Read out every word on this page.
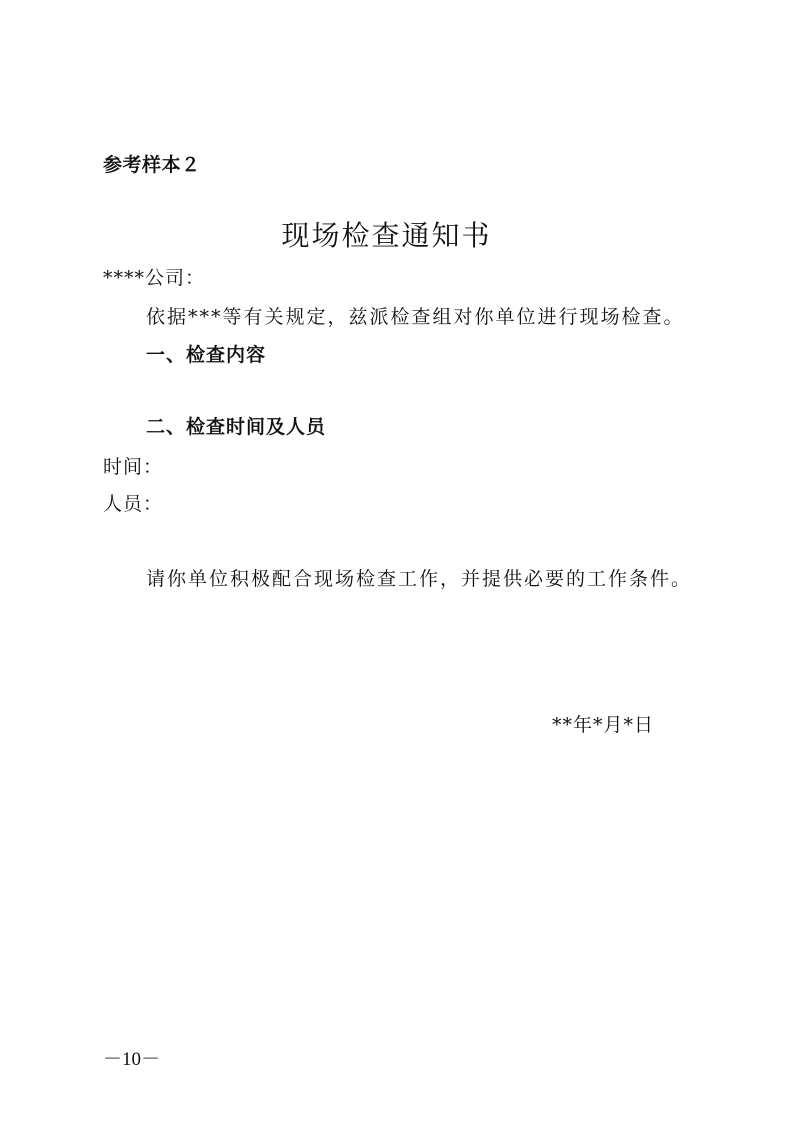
参考样本２
现场检查通知书
****公司：
依据***等有关规定，兹派检查组对你单位进行现场检查。
一、检查内容
二、检查时间及人员
时间：
人员：
请你单位积极配合现场检查工作，并提供必要的工作条件。
**年*月*日
－10－
